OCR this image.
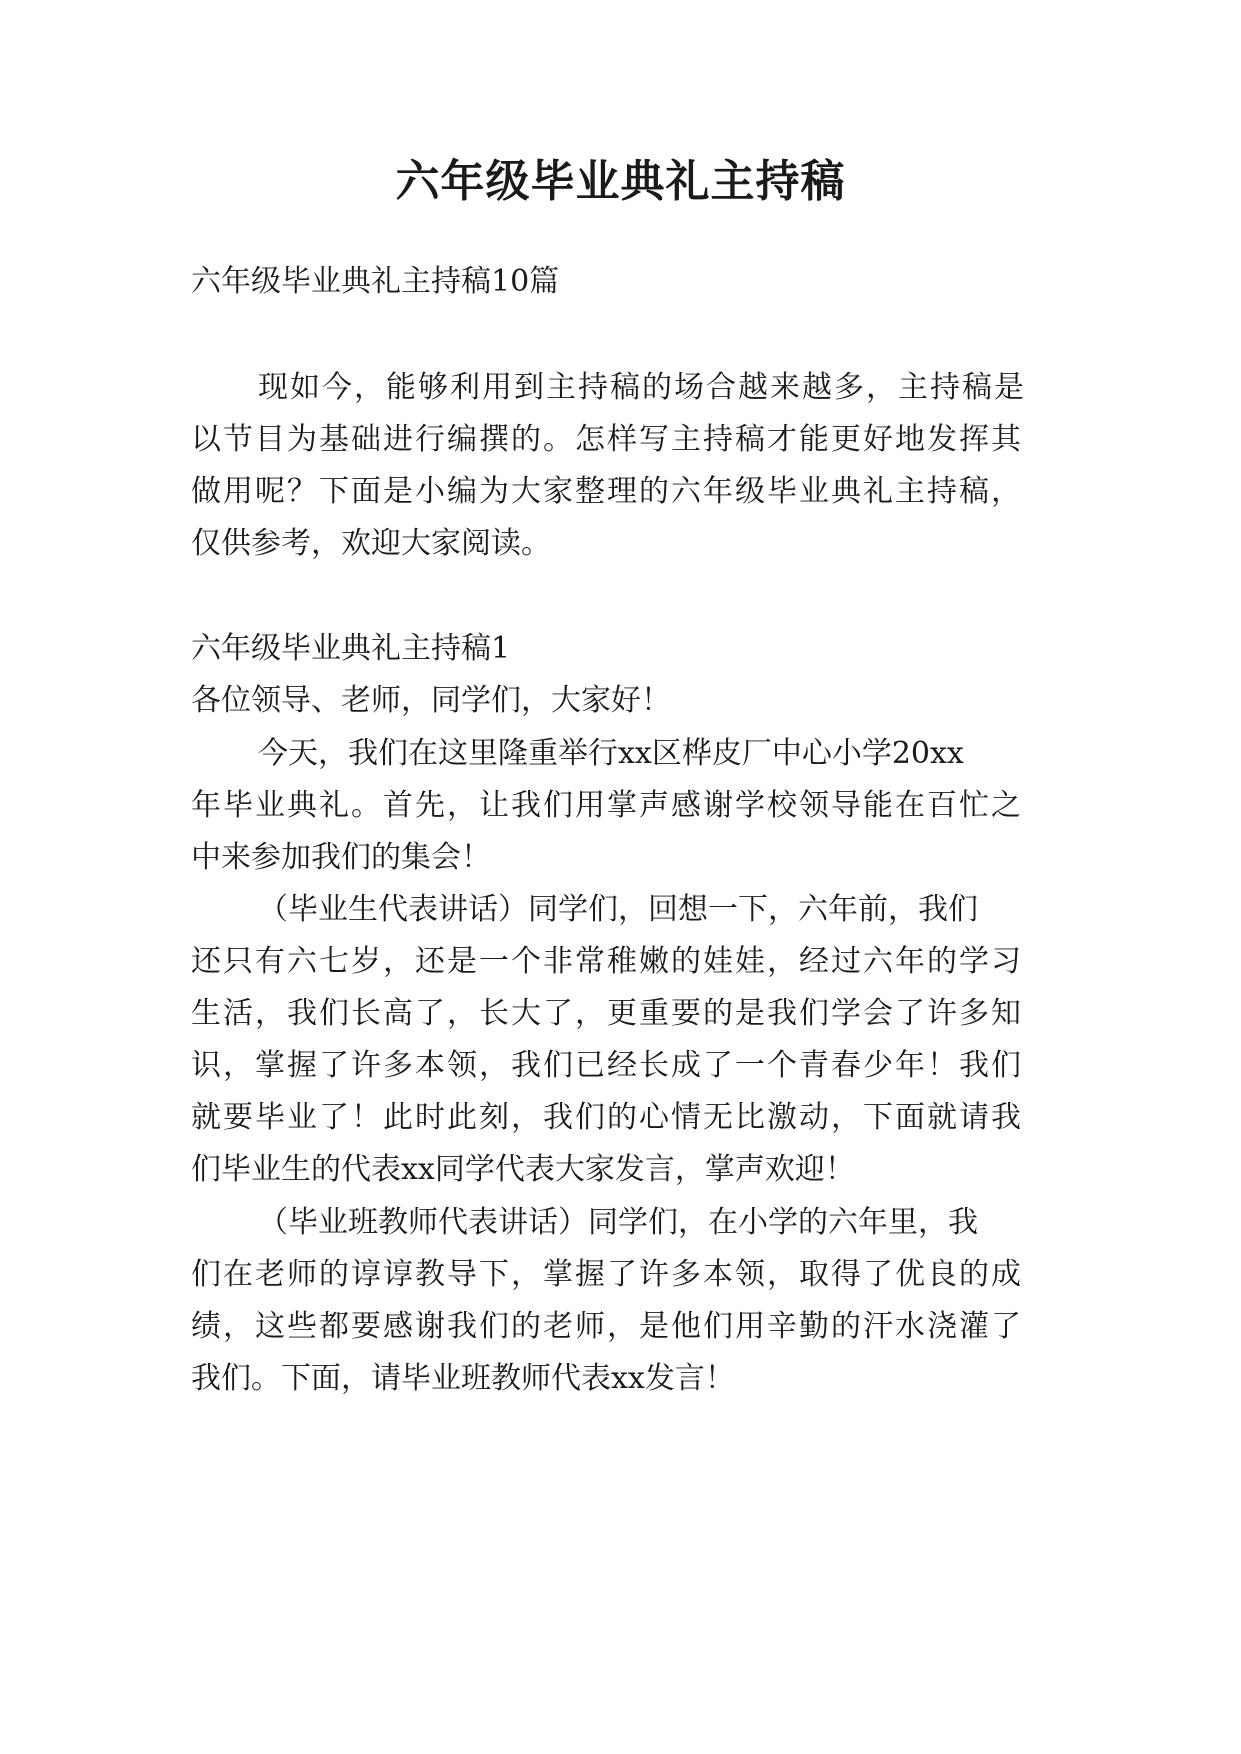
六年级毕业典礼主持稿
六年级毕业典礼主持稿10篇
现如今，能够利用到主持稿的场合越来越多，主持稿是
以节目为基础进行编撰的。怎样写主持稿才能更好地发挥其
做用呢？下面是小编为大家整理的六年级毕业典礼主持稿，
仅供参考，欢迎大家阅读。
六年级毕业典礼主持稿1
各位领导、老师，同学们，大家好！
今天，我们在这里隆重举行xx区桦皮厂中心小学20xx
年毕业典礼。首先，让我们用掌声感谢学校领导能在百忙之
中来参加我们的集会！
（毕业生代表讲话）同学们，回想一下，六年前，我们
还只有六七岁，还是一个非常稚嫩的娃娃，经过六年的学习
生活，我们长高了，长大了，更重要的是我们学会了许多知
识，掌握了许多本领，我们已经长成了一个青春少年！我们
就要毕业了！此时此刻，我们的心情无比激动，下面就请我
们毕业生的代表xx同学代表大家发言，掌声欢迎！
（毕业班教师代表讲话）同学们，在小学的六年里，我
们在老师的谆谆教导下，掌握了许多本领，取得了优良的成
绩，这些都要感谢我们的老师，是他们用辛勤的汗水浇灌了
我们。下面，请毕业班教师代表xx发言！
